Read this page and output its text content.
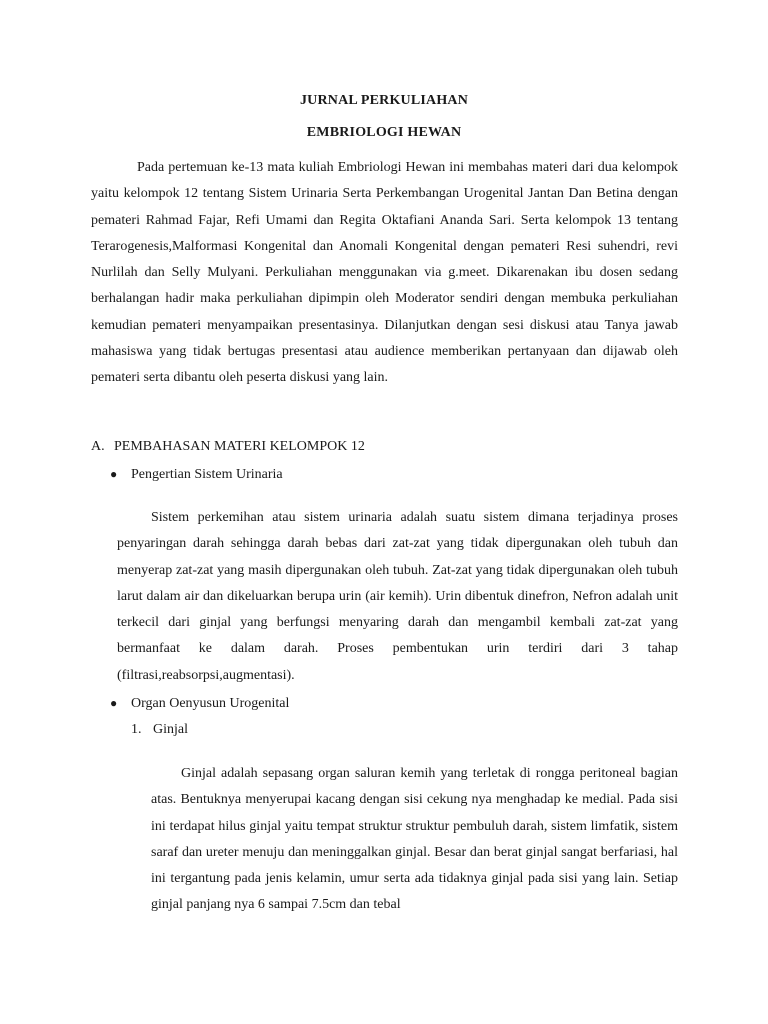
JURNAL PERKULIAHAN
EMBRIOLOGI HEWAN

Pada pertemuan ke-13 mata kuliah Embriologi Hewan ini membahas materi dari dua kelompok yaitu kelompok 12 tentang Sistem Urinaria Serta Perkembangan Urogenital Jantan Dan Betina dengan pemateri Rahmad Fajar, Refi Umami dan Regita Oktafiani Ananda Sari. Serta kelompok 13 tentang Terarogenesis,Malformasi Kongenital dan Anomali Kongenital dengan pemateri Resi suhendri, revi Nurlilah dan Selly Mulyani. Perkuliahan menggunakan via g.meet. Dikarenakan ibu dosen sedang berhalangan hadir maka perkuliahan dipimpin oleh Moderator sendiri dengan membuka perkuliahan kemudian pemateri menyampaikan presentasinya. Dilanjutkan dengan sesi diskusi atau Tanya jawab mahasiswa yang tidak bertugas presentasi atau audience memberikan pertanyaan dan dijawab oleh pemateri serta dibantu oleh peserta diskusi yang lain.

A. PEMBAHASAN MATERI KELOMPOK 12
● Pengertian Sistem Urinaria

Sistem perkemihan atau sistem urinaria adalah suatu sistem dimana terjadinya proses penyaringan darah sehingga darah bebas dari zat-zat yang tidak dipergunakan oleh tubuh dan menyerap zat-zat yang masih dipergunakan oleh tubuh. Zat-zat yang tidak dipergunakan oleh tubuh larut dalam air dan dikeluarkan berupa urin (air kemih). Urin dibentuk dinefron, Nefron adalah unit terkecil dari ginjal yang berfungsi menyaring darah dan mengambil kembali zat-zat yang bermanfaat ke dalam darah. Proses pembentukan urin terdiri dari 3 tahap (filtrasi,reabsorpsi,augmentasi).

● Organ Oenyusun Urogenital
1. Ginjal

Ginjal adalah sepasang organ saluran kemih yang terletak di rongga peritoneal bagian atas. Bentuknya menyerupai kacang dengan sisi cekung nya menghadap ke medial. Pada sisi ini terdapat hilus ginjal yaitu tempat struktur struktur pembuluh darah, sistem limfatik, sistem saraf dan ureter menuju dan meninggalkan ginjal. Besar dan berat ginjal sangat berfariasi, hal ini tergantung pada jenis kelamin, umur serta ada tidaknya ginjal pada sisi yang lain. Setiap ginjal panjang nya 6 sampai 7.5cm dan tebal
